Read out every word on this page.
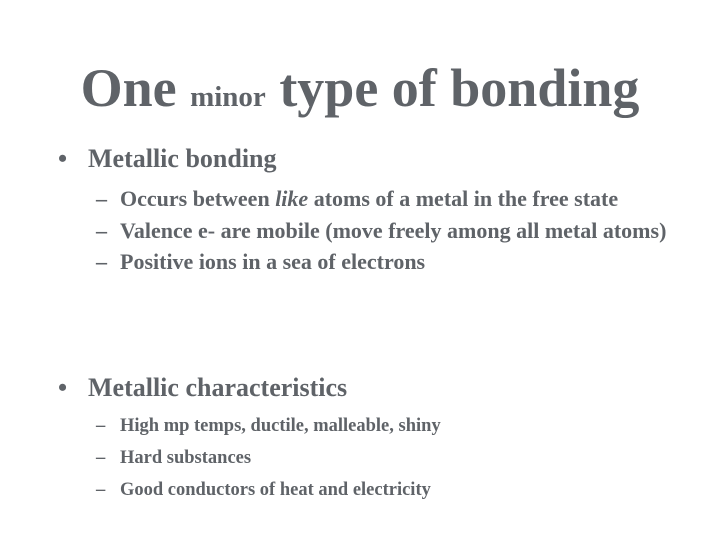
One minor type of bonding
• Metallic bonding
– Occurs between like atoms of a metal in the free state
– Valence e- are mobile (move freely among all metal atoms)
– Positive ions in a sea of electrons
• Metallic characteristics
– High mp temps, ductile, malleable, shiny
– Hard substances
– Good conductors of heat and electricity
